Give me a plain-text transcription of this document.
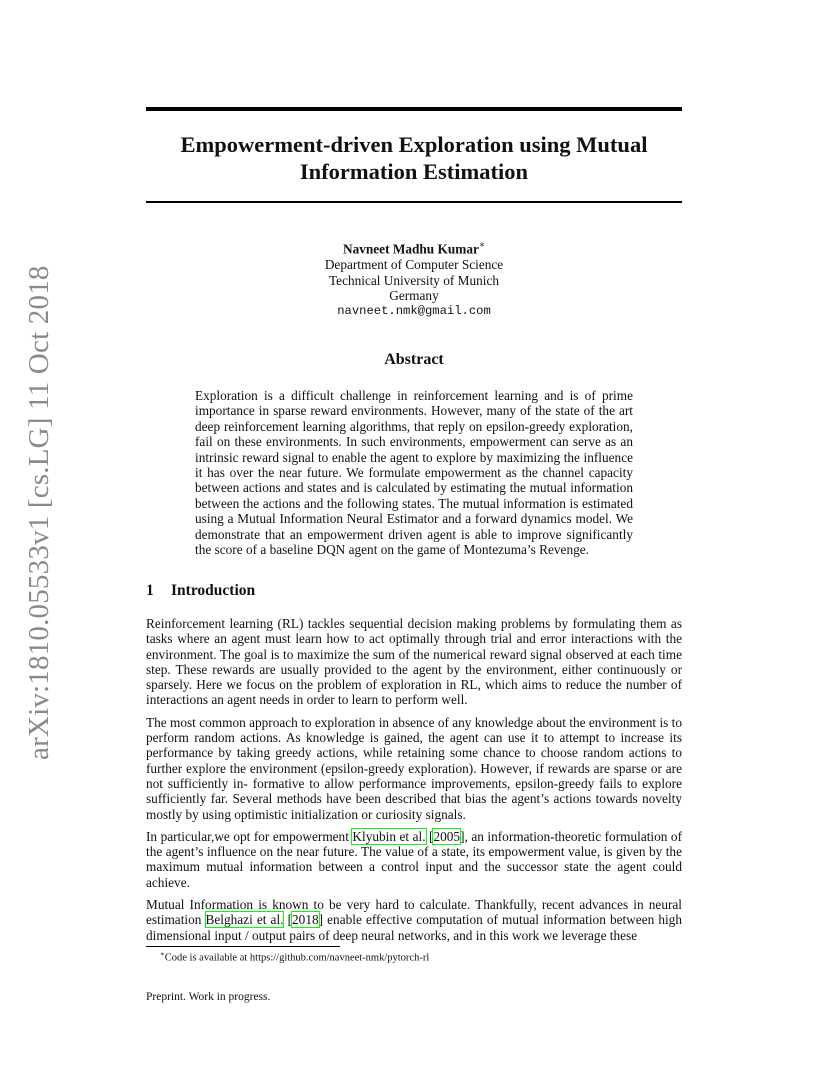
arXiv:1810.05533v1 [cs.LG] 11 Oct 2018
Empowerment-driven Exploration using Mutual Information Estimation
Navneet Madhu Kumar∗
Department of Computer Science
Technical University of Munich
Germany
navneet.nmk@gmail.com
Abstract
Exploration is a difficult challenge in reinforcement learning and is of prime importance in sparse reward environments. However, many of the state of the art deep reinforcement learning algorithms, that reply on epsilon-greedy exploration, fail on these environments. In such environments, empowerment can serve as an intrinsic reward signal to enable the agent to explore by maximizing the influence it has over the near future. We formulate empowerment as the channel capacity between actions and states and is calculated by estimating the mutual information between the actions and the following states. The mutual information is estimated using a Mutual Information Neural Estimator and a forward dynamics model. We demonstrate that an empowerment driven agent is able to improve significantly the score of a baseline DQN agent on the game of Montezuma’s Revenge.
1 Introduction

Reinforcement learning (RL) tackles sequential decision making problems by formulating them as tasks where an agent must learn how to act optimally through trial and error interactions with the environment. The goal is to maximize the sum of the numerical reward signal observed at each time step. These rewards are usually provided to the agent by the environment, either continuously or sparsely. Here we focus on the problem of exploration in RL, which aims to reduce the number of interactions an agent needs in order to learn to perform well.

The most common approach to exploration in absence of any knowledge about the environment is to perform random actions. As knowledge is gained, the agent can use it to attempt to increase its performance by taking greedy actions, while retaining some chance to choose random actions to further explore the environment (epsilon-greedy exploration). However, if rewards are sparse or are not sufficiently in- formative to allow performance improvements, epsilon-greedy fails to explore sufficiently far. Several methods have been described that bias the agent’s actions towards novelty mostly by using optimistic initialization or curiosity signals.

In particular,we opt for empowerment Klyubin et al. [2005], an information-theoretic formulation of the agent’s influence on the near future. The value of a state, its empowerment value, is given by the maximum mutual information between a control input and the successor state the agent could achieve.

Mutual Information is known to be very hard to calculate. Thankfully, recent advances in neural estimation Belghazi et al. [2018] enable effective computation of mutual information between high dimensional input / output pairs of deep neural networks, and in this work we leverage these

∗Code is available at https://github.com/navneet-nmk/pytorch-rl
Preprint. Work in progress.
